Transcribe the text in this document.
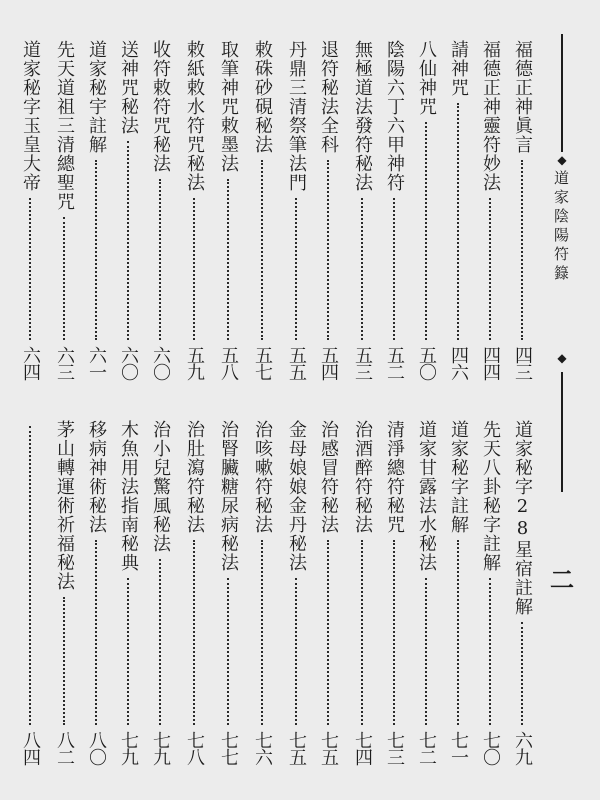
◆
道家陰陽符籙
◆
二
福德正神眞言
四三
福德正神靈符妙法
四四
請神咒
四六
八仙神咒
五〇
陰陽六丁六甲神符
五二
無極道法發符秘法
五三
退符秘法全科
五四
丹鼎三清祭筆法門
五五
敕硃砂硯秘法
五七
取筆神咒敕墨法
五八
敕紙敕水符咒秘法
五九
收符敕符咒秘法
六〇
送神咒秘法
六〇
道家秘宇註解
六一
先天道祖三清總聖咒
六三
道家秘字玉皇大帝
六四
道家秘字28星宿註解
六九
先天八卦秘字註解
七〇
道家秘字註解
七一
道家甘露法水秘法
七二
清淨總符秘咒
七三
治酒醉符秘法
七四
治感冒符秘法
七五
金母娘娘金丹秘法
七五
治咳嗽符秘法
七六
治腎臟糖尿病秘法
七七
治肚瀉符秘法
七八
治小兒驚風秘法
七九
木魚用法指南秘典
七九
移病神術秘法
八〇
茅山轉運術祈福秘法
八二
八四
